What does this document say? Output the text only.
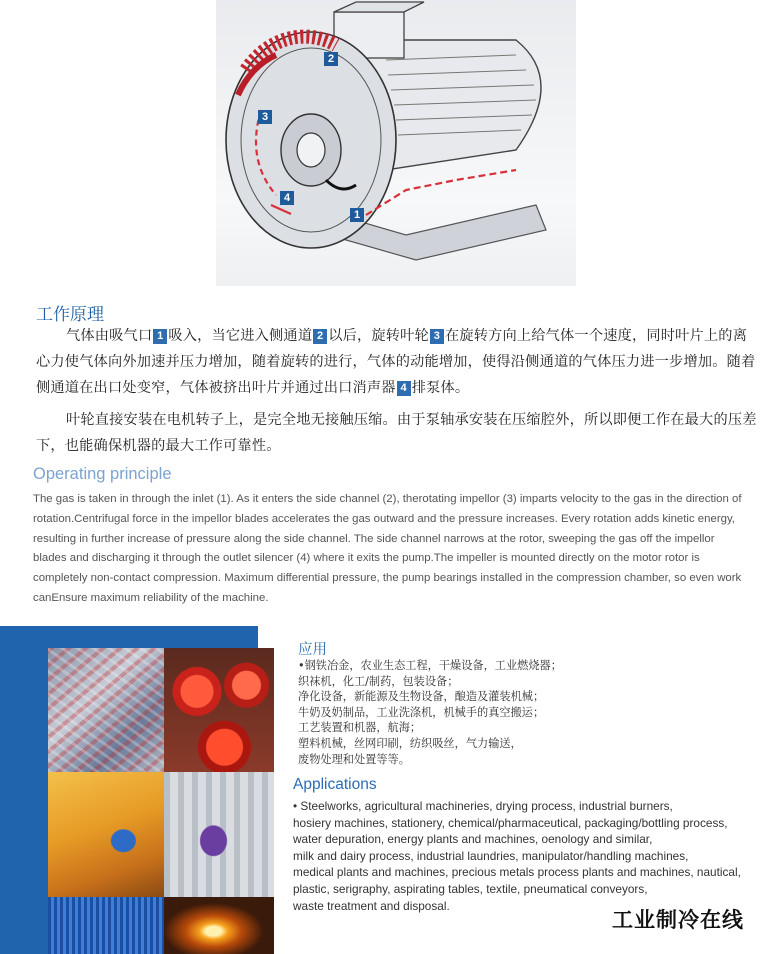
2
3
4
1
工作原理

气体由吸气口 1 吸入，当它进入侧通道 2 以后，旋转叶轮 3 在旋转方向上给气体一个速度，同时叶片上的离心力使气体向外加速并压力增加，随着旋转的进行，气体的动能增加，使得沿侧通道的气体压力进一步增加。随着侧通道在出口处变窄，气体被挤出叶片并通过出口消声器 4 排泵体。

叶轮直接安装在电机转子上，是完全地无接触压缩。由于泵轴承安装在压缩腔外，所以即便工作在最大的压差下，也能确保机器的最大工作可靠性。

Operating principle

The gas is taken in through the inlet (1). As it enters the side channel (2), therotating impellor (3) imparts velocity to the gas in the direction of rotation.Centrifugal force in the impellor blades accelerates the gas outward and the pressure increases. Every rotation adds kinetic energy, resulting in further increase of pressure along the side channel. The side channel narrows at the rotor, sweeping the gas off the impellor blades and discharging it through the outlet silencer (4) where it exits the pump.The impeller is mounted directly on the motor rotor is completely non-contact compression. Maximum differential pressure, the pump bearings installed in the compression chamber, so even work canEnsure maximum reliability of the machine.

应用
•钢铁冶金，农业生态工程，干燥设备，工业燃烧器；
织袜机，化工/制药，包装设备；
净化设备，新能源及生物设备，酿造及灌装机械；
牛奶及奶制品，工业洗涤机，机械手的真空搬运；
工艺装置和机器，航海；
塑料机械，丝网印刷，纺织吸丝，气力输送，
废物处理和处置等等。
Applications
• Steelworks, agricultural machineries, drying process, industrial burners,
hosiery machines, stationery, chemical/pharmaceutical, packaging/bottling process,
water depuration, energy plants and machines, oenology and similar,
milk and dairy process, industrial laundries, manipulator/handling machines,
medical plants and machines, precious metals process plants and machines, nautical,
plastic, serigraphy, aspirating tables, textile, pneumatical conveyors,
waste treatment and disposal.
工业制冷在线
